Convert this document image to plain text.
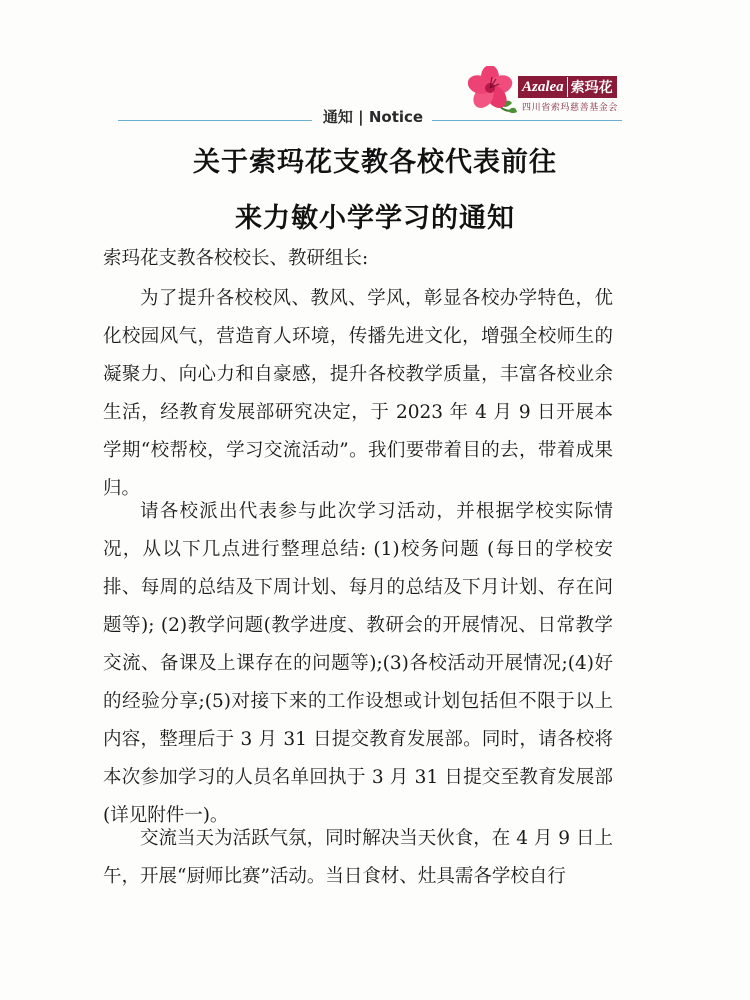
Azalea 索玛花
四川省索玛慈善基金会
通知 | Notice
关于索玛花支教各校代表前往
来力敏小学学习的通知
索玛花支教各校校长、教研组长:
为了提升各校校风、教风、学风，彰显各校办学特色，优化校园风气，营造育人环境，传播先进文化，增强全校师生的凝聚力、向心力和自豪感，提升各校教学质量，丰富各校业余生活，经教育发展部研究决定，于 2023 年 4 月 9 日开展本学期“校帮校，学习交流活动”。我们要带着目的去，带着成果归。
请各校派出代表参与此次学习活动，并根据学校实际情况，从以下几点进行整理总结: (1)校务问题 (每日的学校安排、每周的总结及下周计划、每月的总结及下月计划、存在问题等); (2)教学问题(教学进度、教研会的开展情况、日常教学交流、备课及上课存在的问题等);(3)各校活动开展情况;(4)好的经验分享;(5)对接下来的工作设想或计划包括但不限于以上内容，整理后于 3 月 31 日提交教育发展部。同时，请各校将本次参加学习的人员名单回执于 3 月 31 日提交至教育发展部(详见附件一)。
交流当天为活跃气氛，同时解决当天伙食，在 4 月 9 日上午，开展“厨师比赛”活动。当日食材、灶具需各学校自行
